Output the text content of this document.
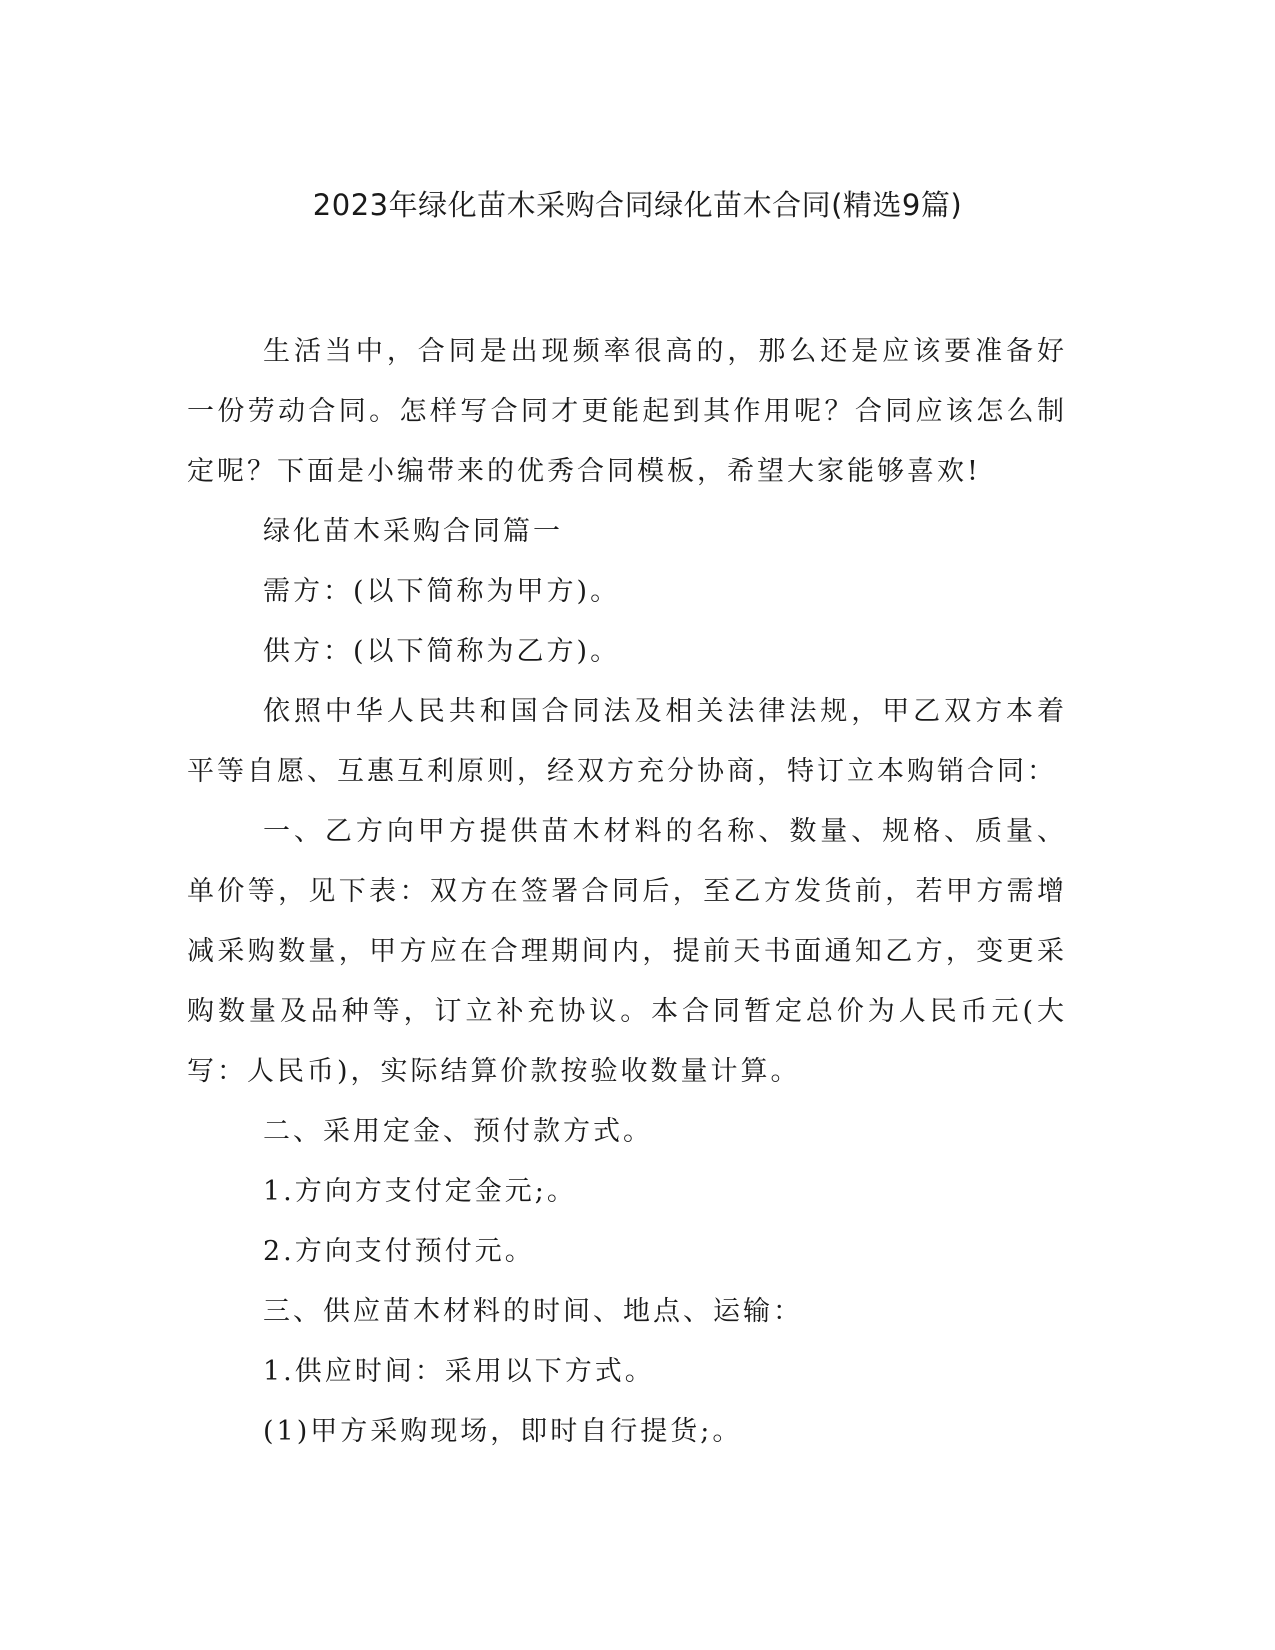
2023年绿化苗木采购合同绿化苗木合同(精选9篇)

生活当中，合同是出现频率很高的，那么还是应该要准备好一份劳动合同。怎样写合同才更能起到其作用呢？合同应该怎么制定呢？下面是小编带来的优秀合同模板，希望大家能够喜欢!

绿化苗木采购合同篇一

需方：(以下简称为甲方)。

供方：(以下简称为乙方)。

依照中华人民共和国合同法及相关法律法规，甲乙双方本着平等自愿、互惠互利原则，经双方充分协商，特订立本购销合同：

一、乙方向甲方提供苗木材料的名称、数量、规格、质量、单价等，见下表：双方在签署合同后，至乙方发货前，若甲方需增减采购数量，甲方应在合理期间内，提前天书面通知乙方，变更采购数量及品种等，订立补充协议。本合同暂定总价为人民币元(大写：人民币)，实际结算价款按验收数量计算。

二、采用定金、预付款方式。

1.方向方支付定金元;。

2.方向支付预付元。

三、供应苗木材料的时间、地点、运输：

1.供应时间：采用以下方式。

(1)甲方采购现场，即时自行提货;。
